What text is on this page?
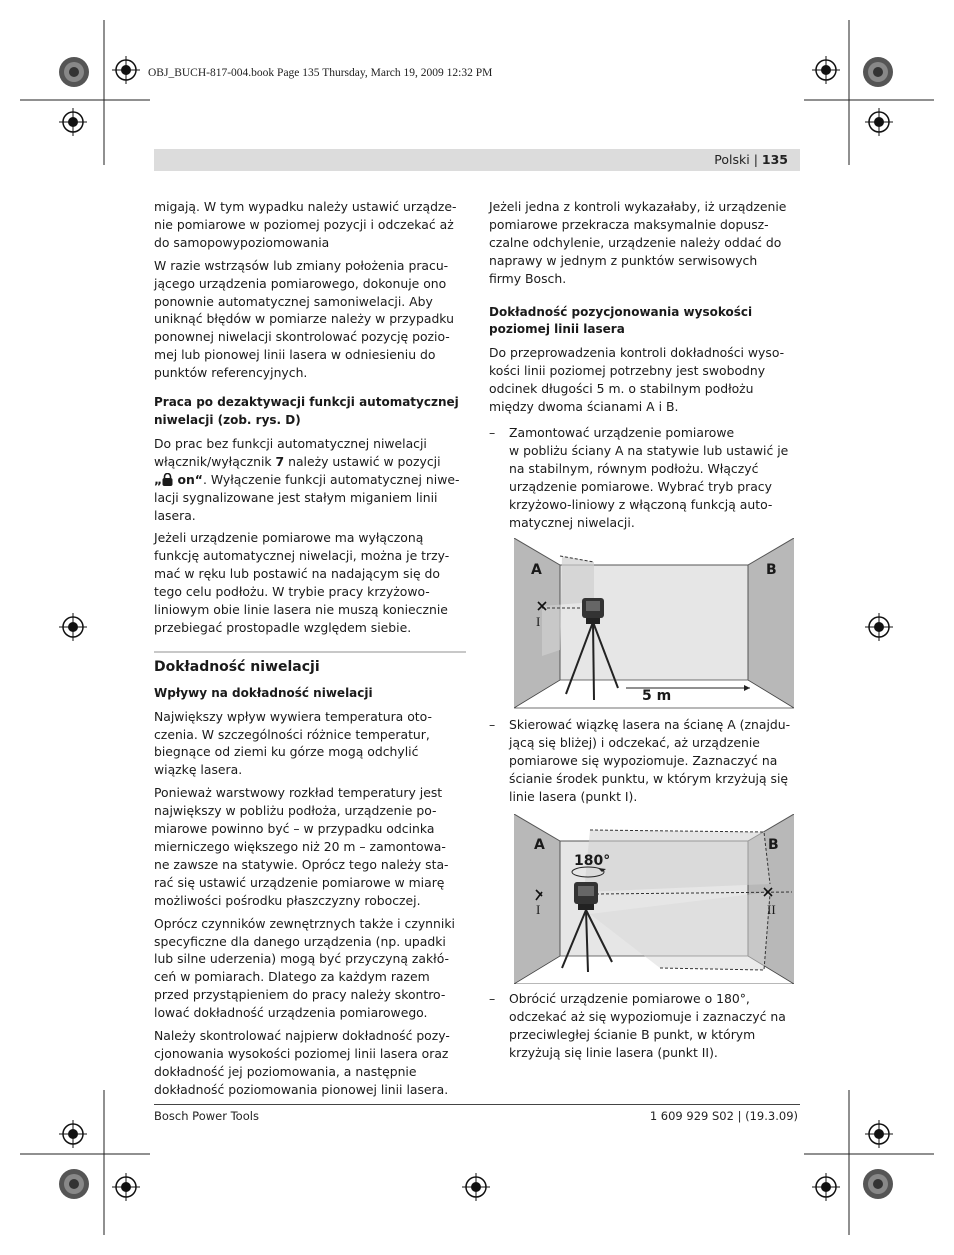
OBJ_BUCH-817-004.book Page 135 Thursday, March 19, 2009 12:32 PM
Polski | 135

migają. W tym wypadku należy ustawić urządze-
nie pomiarowe w poziomej pozycji i odczekać aż
do samopowypoziomowania

W razie wstrząsów lub zmiany położenia pracu-
jącego urządzenia pomiarowego, dokonuje ono
ponownie automatycznej samoniwelacji. Aby
uniknąć błędów w pomiarze należy w przypadku
ponownej niwelacji skontrolować pozycję pozio-
mej lub pionowej linii lasera w odniesieniu do
punktów referencyjnych.

Praca po dezaktywacji funkcji automatycznej
niwelacji (zob. rys. D)

Do prac bez funkcji automatycznej niwelacji
włącznik/wyłącznik 7 należy ustawić w pozycji
„ on“. Wyłączenie funkcji automatycznej niwe-
lacji sygnalizowane jest stałym miganiem linii
lasera.

Jeżeli urządzenie pomiarowe ma wyłączoną
funkcję automatycznej niwelacji, można je trzy-
mać w ręku lub postawić na nadającym się do
tego celu podłożu. W trybie pracy krzyżowo-
liniowym obie linie lasera nie muszą koniecznie
przebiegać prostopadle względem siebie.

Dokładność niwelacji
Wpływy na dokładność niwelacji

Największy wpływ wywiera temperatura oto-
czenia. W szczególności różnice temperatur,
biegnące od ziemi ku górze mogą odchylić
wiązkę lasera.

Ponieważ warstwowy rozkład temperatury jest
największy w pobliżu podłoża, urządzenie po-
miarowe powinno być – w przypadku odcinka
mierniczego większego niż 20 m – zamontowa-
ne zawsze na statywie. Oprócz tego należy sta-
rać się ustawić urządzenie pomiarowe w miarę
możliwości pośrodku płaszczyzny roboczej.

Oprócz czynników zewnętrznych także i czynniki
specyficzne dla danego urządzenia (np. upadki
lub silne uderzenia) mogą być przyczyną zakłó-
ceń w pomiarach. Dlatego za każdym razem
przed przystąpieniem do pracy należy skontro-
lować dokładność urządzenia pomiarowego.

Należy skontrolować najpierw dokładność pozy-
cjonowania wysokości poziomej linii lasera oraz
dokładność jej poziomowania, a następnie
dokładność poziomowania pionowej linii lasera.

Jeżeli jedna z kontroli wykazałaby, iż urządzenie
pomiarowe przekracza maksymalnie dopusz-
czalne odchylenie, urządzenie należy oddać do
naprawy w jednym z punktów serwisowych
firmy Bosch.

Dokładność pozycjonowania wysokości
poziomej linii lasera

Do przeprowadzenia kontroli dokładności wyso-
kości linii poziomej potrzebny jest swobodny
odcinek długości 5 m. o stabilnym podłożu
między dwoma ścianami A i B.

–	Zamontować urządzenie pomiarowe
w pobliżu ściany A na statywie lub ustawić je
na stabilnym, równym podłożu. Włączyć
urządzenie pomiarowe. Wybrać tryb pracy
krzyżowo-liniowy z włączoną funkcją auto-
matycznej niwelacji.
A	B
I
5 m
–	Skierować wiązkę lasera na ścianę A (znajdu-
jącą się bliżej) i odczekać, aż urządzenie
pomiarowe się wypoziomuje. Zaznaczyć na
ścianie środek punktu, w którym krzyżują się
linie lasera (punkt I).
A	B
180°
I	II
–	Obrócić urządzenie pomiarowe o 180°,
odczekać aż się wypoziomuje i zaznaczyć na
przeciwległej ścianie B punkt, w którym
krzyżują się linie lasera (punkt II).
Bosch Power Tools	1 609 929 S02 | (19.3.09)
